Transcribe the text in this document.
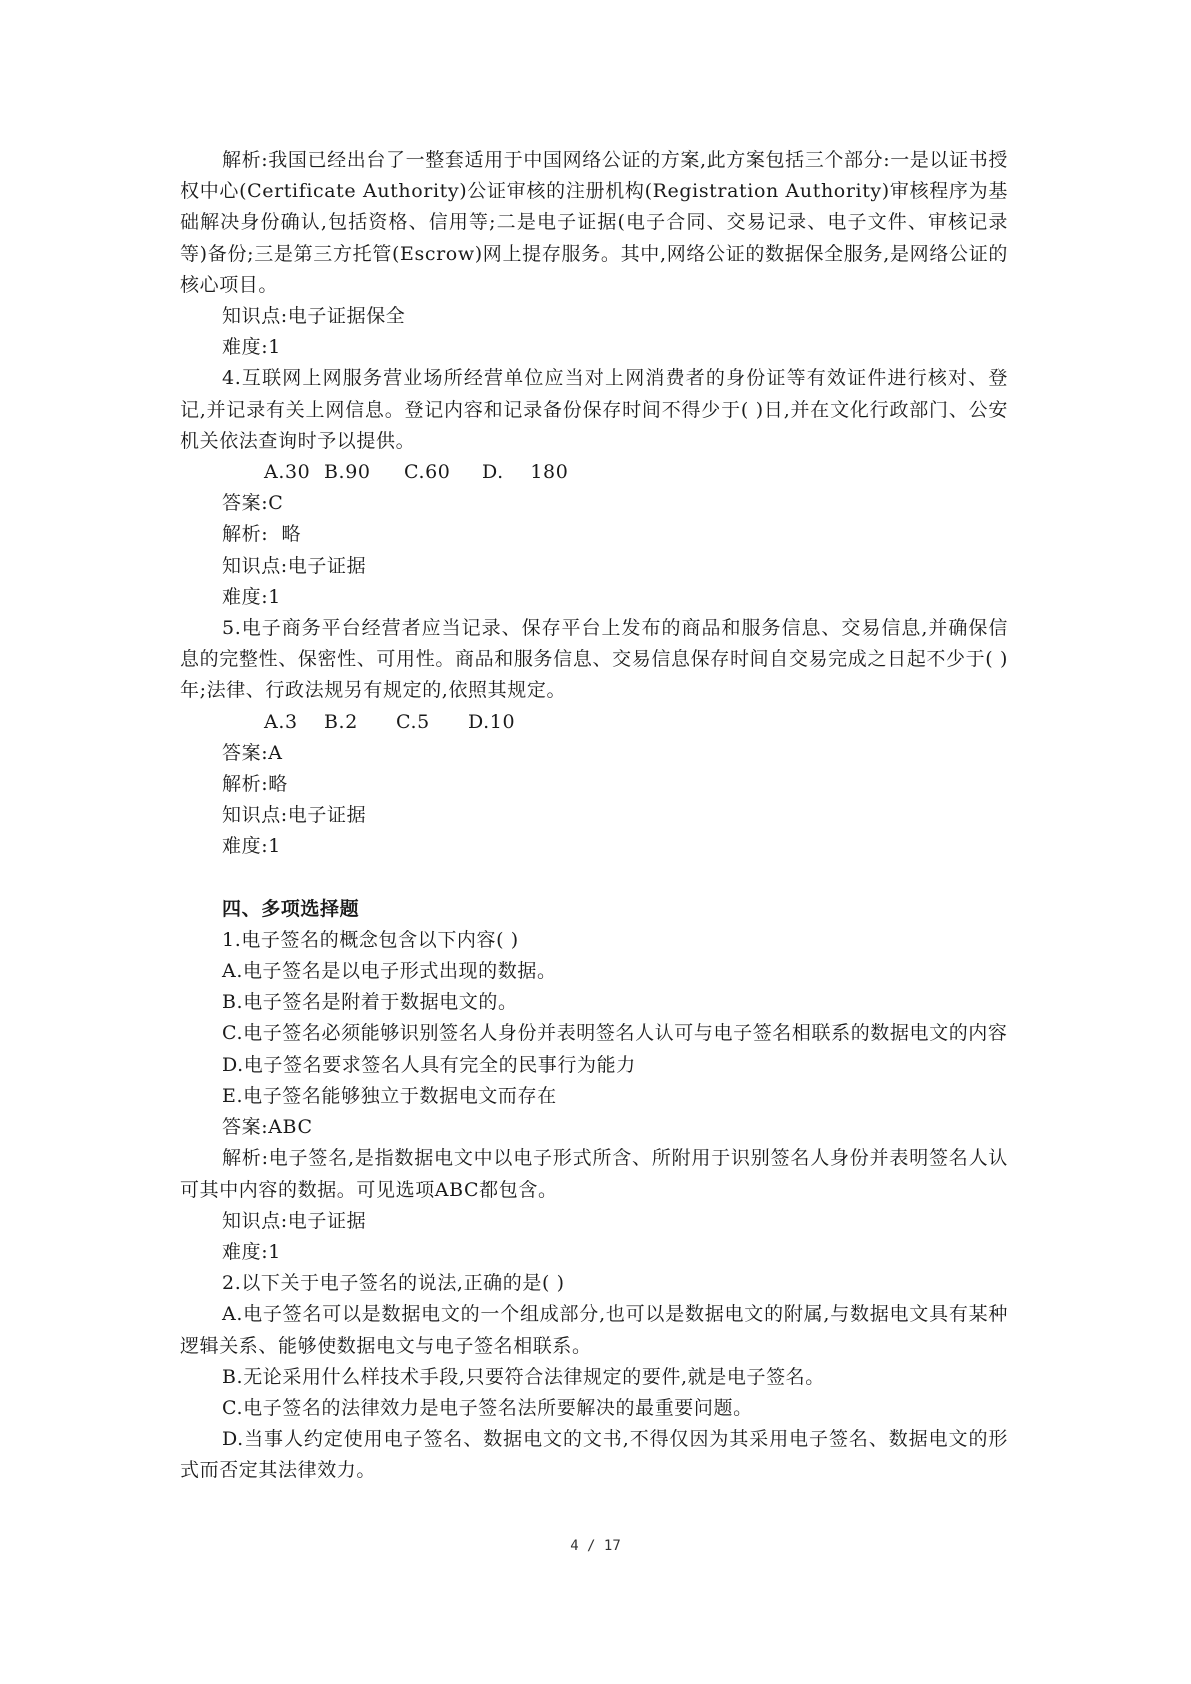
解析:我国已经出台了一整套适用于中国网络公证的方案,此方案包括三个部分:一是以证书授权中心(Certificate Authority)公证审核的注册机构(Registration Authority)审核程序为基础解决身份确认,包括资格、信用等;二是电子证据(电子合同、交易记录、电子文件、审核记录等)备份;三是第三方托管(Escrow)网上提存服务。其中,网络公证的数据保全服务,是网络公证的核心项目。

知识点:电子证据保全

难度:1

4.互联网上网服务营业场所经营单位应当对上网消费者的身份证等有效证件进行核对、登记,并记录有关上网信息。登记内容和记录备份保存时间不得少于( )日,并在文化行政部门、公安机关依法查询时予以提供。

A.30 B.90 C.60 D.    180

答案:C

解析:  略

知识点:电子证据

难度:1

5.电子商务平台经营者应当记录、保存平台上发布的商品和服务信息、交易信息,并确保信息的完整性、保密性、可用性。商品和服务信息、交易信息保存时间自交易完成之日起不少于( )年;法律、行政法规另有规定的,依照其规定。

A.3 B.2 C.5 D.10

答案:A

解析:略

知识点:电子证据

难度:1

四、多项选择题

1.电子签名的概念包含以下内容( )

A.电子签名是以电子形式出现的数据。

B.电子签名是附着于数据电文的。

C.电子签名必须能够识别签名人身份并表明签名人认可与电子签名相联系的数据电文的内容

D.电子签名要求签名人具有完全的民事行为能力

E.电子签名能够独立于数据电文而存在

答案:ABC

解析:电子签名,是指数据电文中以电子形式所含、所附用于识别签名人身份并表明签名人认可其中内容的数据。可见选项ABC都包含。

知识点:电子证据

难度:1

2.以下关于电子签名的说法,正确的是( )

A.电子签名可以是数据电文的一个组成部分,也可以是数据电文的附属,与数据电文具有某种逻辑关系、能够使数据电文与电子签名相联系。

B.无论采用什么样技术手段,只要符合法律规定的要件,就是电子签名。

C.电子签名的法律效力是电子签名法所要解决的最重要问题。

D.当事人约定使用电子签名、数据电文的文书,不得仅因为其采用电子签名、数据电文的形式而否定其法律效力。

4 / 17
